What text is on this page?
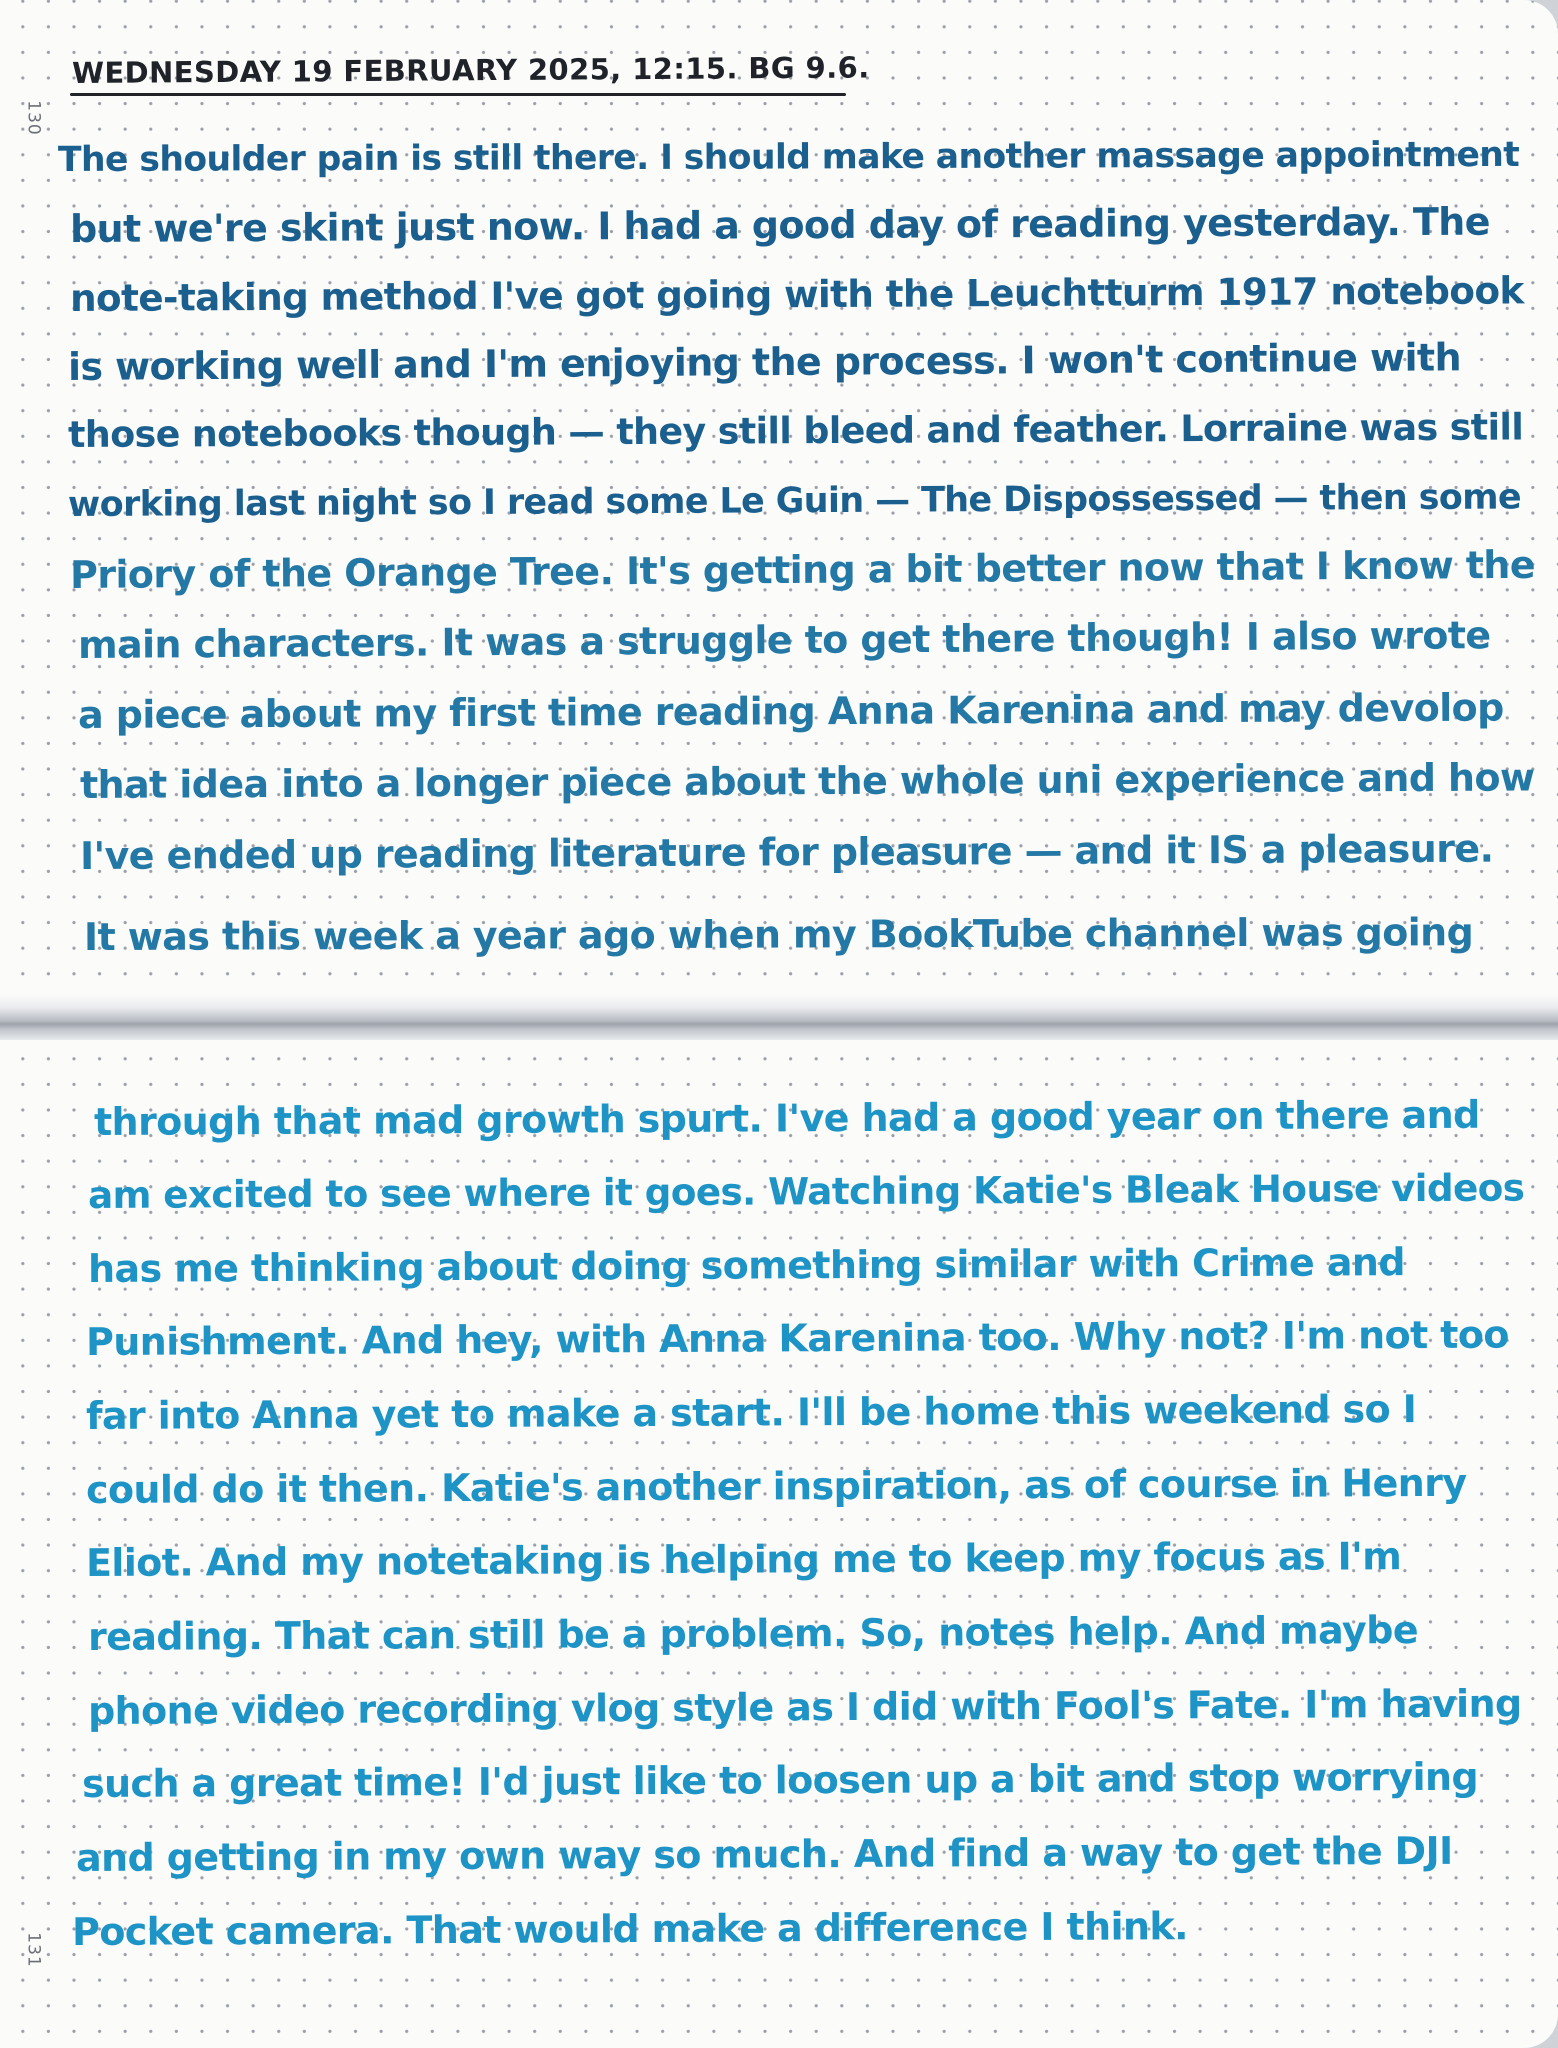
130
WEDNESDAY 19 FEBRUARY 2025, 12:15. BG 9.6.
The shoulder pain is still there. I should make another massage appointment
but we're skint just now. I had a good day of reading yesterday. The
note-taking method I've got going with the Leuchtturm 1917 notebook
is working well and I'm enjoying the process. I won't continue with
those notebooks though — they still bleed and feather. Lorraine was still
working last night so I read some Le Guin — The Dispossessed — then some
Priory of the Orange Tree. It's getting a bit better now that I know the
main characters. It was a struggle to get there though! I also wrote
a piece about my first time reading Anna Karenina and may devolop
that idea into a longer piece about the whole uni experience and how
I've ended up reading literature for pleasure — and it IS a pleasure.
It was this week a year ago when my BookTube channel was going
through that mad growth spurt. I've had a good year on there and
am excited to see where it goes. Watching Katie's Bleak House videos
has me thinking about doing something similar with Crime and
Punishment. And hey, with Anna Karenina too. Why not? I'm not too
far into Anna yet to make a start. I'll be home this weekend so I
could do it then. Katie's another inspiration, as of course in Henry
Eliot. And my notetaking is helping me to keep my focus as I'm
reading. That can still be a problem. So, notes help. And maybe
phone video recording vlog style as I did with Fool's Fate. I'm having
such a great time! I'd just like to loosen up a bit and stop worrying
and getting in my own way so much. And find a way to get the DJI
Pocket camera. That would make a difference I think.
131
